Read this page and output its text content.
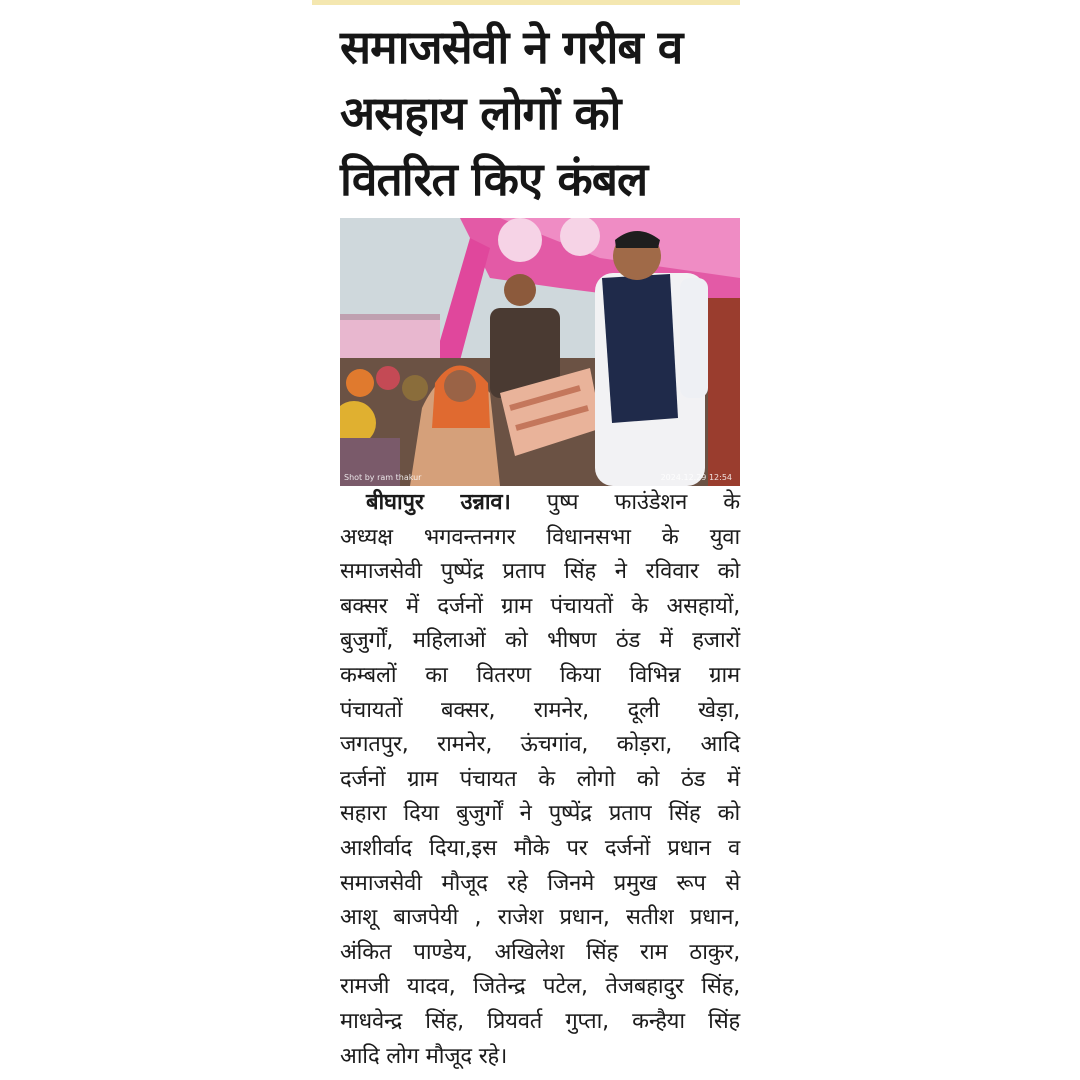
समाजसेवी ने गरीब व
असहाय लोगों को
वितरित किए कंबल
Shot by ram thakur	2024.12.29 12:54

बीघापुर उन्नाव। पुष्प फाउंडेशन के
अध्यक्ष भगवन्तनगर विधानसभा के युवा
समाजसेवी पुष्पेंद्र प्रताप सिंह ने रविवार को
बक्सर में दर्जनों ग्राम पंचायतों के असहायों,
बुजुर्गों, महिलाओं को भीषण ठंड में हजारों
कम्बलों का वितरण किया विभिन्न ग्राम
पंचायतों बक्सर, रामनेर, दूली खेड़ा,
जगतपुर, रामनेर, ऊंचगांव, कोड़रा, आदि
दर्जनों ग्राम पंचायत के लोगो को ठंड में
सहारा दिया बुजुर्गों ने पुष्पेंद्र प्रताप सिंह को
आशीर्वाद दिया,इस मौके पर दर्जनों प्रधान व
समाजसेवी मौजूद रहे जिनमे प्रमुख रूप से
आशू बाजपेयी , राजेश प्रधान, सतीश प्रधान,
अंकित पाण्डेय, अखिलेश सिंह राम ठाकुर,
रामजी यादव, जितेन्द्र पटेल, तेजबहादुर सिंह,
माधवेन्द्र सिंह, प्रियवर्त गुप्ता, कन्हैया सिंह
आदि लोग मौजूद रहे।
